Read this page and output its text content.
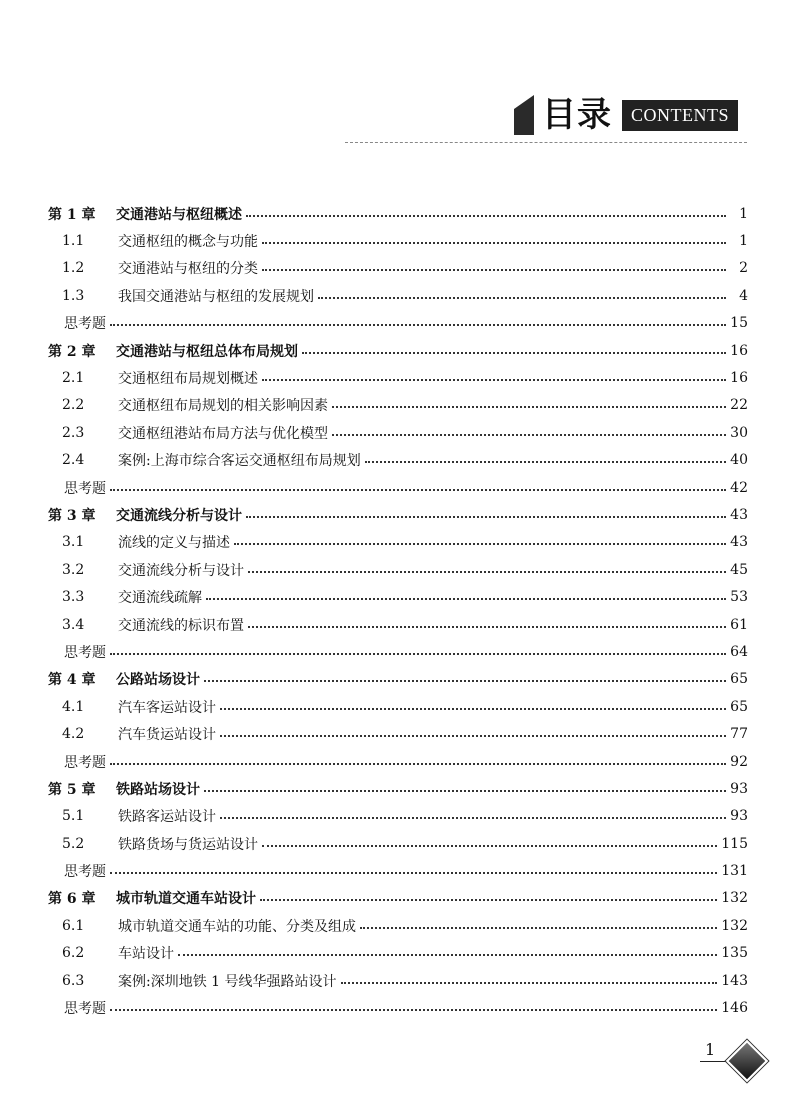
目录	CONTENTS
第 1 章	交通港站与枢纽概述	1
1.1	交通枢纽的概念与功能	1
1.2	交通港站与枢纽的分类	2
1.3	我国交通港站与枢纽的发展规划	4
思考题	15
第 2 章	交通港站与枢纽总体布局规划	16
2.1	交通枢纽布局规划概述	16
2.2	交通枢纽布局规划的相关影响因素	22
2.3	交通枢纽港站布局方法与优化模型	30
2.4	案例:上海市综合客运交通枢纽布局规划	40
思考题	42
第 3 章	交通流线分析与设计	43
3.1	流线的定义与描述	43
3.2	交通流线分析与设计	45
3.3	交通流线疏解	53
3.4	交通流线的标识布置	61
思考题	64
第 4 章	公路站场设计	65
4.1	汽车客运站设计	65
4.2	汽车货运站设计	77
思考题	92
第 5 章	铁路站场设计	93
5.1	铁路客运站设计	93
5.2	铁路货场与货运站设计	115
思考题	131
第 6 章	城市轨道交通车站设计	132
6.1	城市轨道交通车站的功能、分类及组成	132
6.2	车站设计	135
6.3	案例:深圳地铁 1 号线华强路站设计	143
思考题	146
1
